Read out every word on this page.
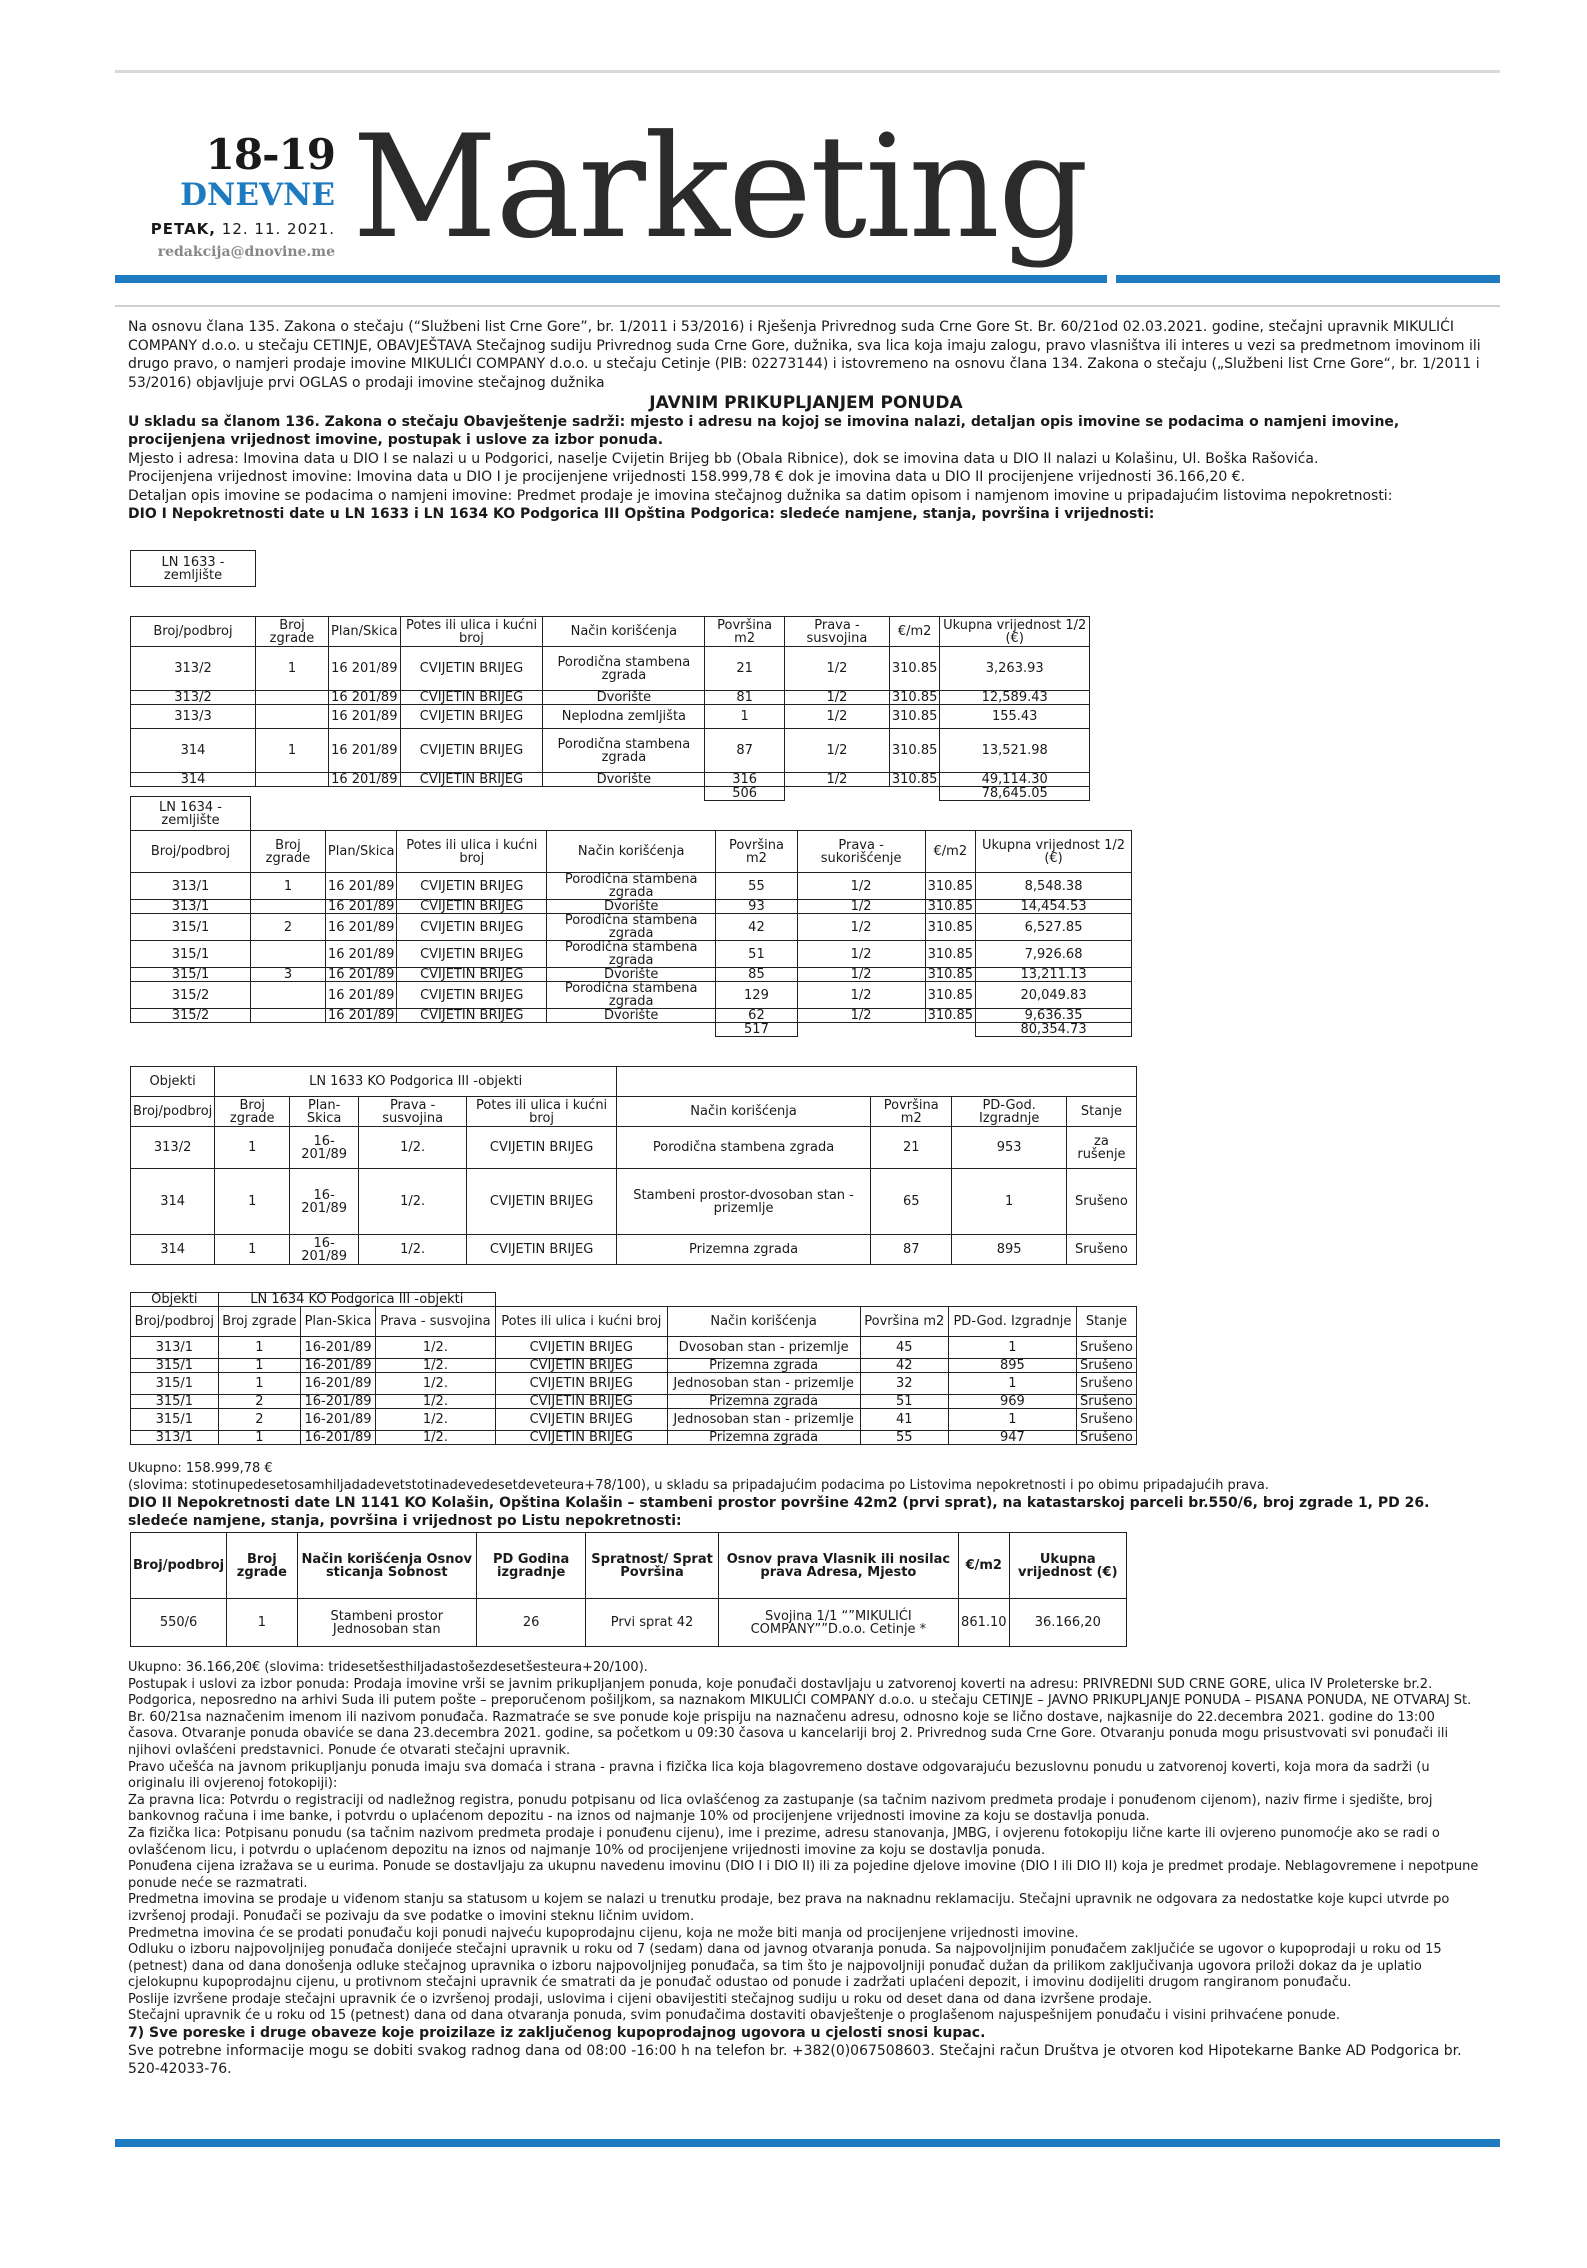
18-19
DNEVNE
PETAK, 12. 11. 2021.
redakcija@dnovine.me Marketing

Na osnovu člana 135. Zakona o stečaju (“Službeni list Crne Gore”, br. 1/2011 i 53/2016) i Rješenja Privrednog suda Crne Gore St. Br. 60/21od 02.03.2021. godine, stečajni upravnik MIKULIĆI COMPANY d.o.o. u stečaju CETINJE, OBAVJEŠTAVA Stečajnog sudiju Privrednog suda Crne Gore, dužnika, sva lica koja imaju zalogu, pravo vlasništva ili interes u vezi sa predmetnom imovinom ili drugo pravo, o namjeri prodaje imovine MIKULIĆI COMPANY d.o.o. u stečaju Cetinje (PIB: 02273144) i istovremeno na osnovu člana 134. Zakona o stečaju („Službeni list Crne Gore“, br. 1/2011 i 53/2016) objavljuje prvi OGLAS o prodaji imovine stečajnog dužnika

JAVNIM PRIKUPLJANJEM PONUDA

U skladu sa članom 136. Zakona o stečaju Obavještenje sadrži: mjesto i adresu na kojoj se imovina nalazi, detaljan opis imovine se podacima o namjeni imovine, procijenjena vrijednost imovine, postupak i uslove za izbor ponuda.

Mjesto i adresa: Imovina data u DIO I se nalazi u u Podgorici, naselje Cvijetin Brijeg bb (Obala Ribnice), dok se imovina data u DIO II nalazi u Kolašinu, Ul. Boška Rašovića.

Procijenjena vrijednost imovine: Imovina data u DIO I je procijenjene vrijednosti 158.999,78 € dok je imovina data u DIO II procijenjene vrijednosti 36.166,20 €.

Detaljan opis imovine se podacima o namjeni imovine: Predmet prodaje je imovina stečajnog dužnika sa datim opisom i namjenom imovine u pripadajućim listovima nepokretnosti:

DIO I Nepokretnosti date u LN 1633 i LN 1634 KO Podgorica III Opština Podgorica: sledeće namjene, stanja, površina i vrijednosti:

LN 1633 - zemljište								

Broj/podbroj	Broj zgrade	Plan/Skica	Potes ili ulica i kućni broj	Način korišćenja	Površina m2	Prava - susvojina	€/m2	Ukupna vrijednost 1/2 (€)
313/2	1	16 201/89	CVIJETIN BRIJEG	Porodična stambena zgrada	21	1/2	310.85	3,263.93
313/2		16 201/89	CVIJETIN BRIJEG	Dvorište	81	1/2	310.85	12,589.43
313/3		16 201/89	CVIJETIN BRIJEG	Neplodna zemljišta	1	1/2	310.85	155.43
314	1	16 201/89	CVIJETIN BRIJEG	Porodična stambena zgrada	87	1/2	310.85	13,521.98
314		16 201/89	CVIJETIN BRIJEG	Dvorište	316	1/2	310.85	49,114.30
					506			78,645.05
LN 1634 - zemljište								
Broj/podbroj	Broj zgrade	Plan/Skica	Potes ili ulica i kućni broj	Način korišćenja	Površina m2	Prava - sukorišćenje	€/m2	Ukupna vrijednost 1/2 (€)
313/1	1	16 201/89	CVIJETIN BRIJEG	Porodična stambena zgrada	55	1/2	310.85	8,548.38
313/1		16 201/89	CVIJETIN BRIJEG	Dvorište	93	1/2	310.85	14,454.53
315/1	2	16 201/89	CVIJETIN BRIJEG	Porodična stambena zgrada	42	1/2	310.85	6,527.85
315/1		16 201/89	CVIJETIN BRIJEG	Porodična stambena zgrada	51	1/2	310.85	7,926.68
315/1	3	16 201/89	CVIJETIN BRIJEG	Dvorište	85	1/2	310.85	13,211.13
315/2		16 201/89	CVIJETIN BRIJEG	Porodična stambena zgrada	129	1/2	310.85	20,049.83
315/2		16 201/89	CVIJETIN BRIJEG	Dvorište	62	1/2	310.85	9,636.35
					517			80,354.73
Objekti	LN 1633 KO Podgorica III -objekti							
Broj/podbroj	Broj zgrade	Plan-Skica	Prava - susvojina	Potes ili ulica i kućni broj	Način korišćenja	Površina m2	PD-God. Izgradnje	Stanje
313/2	1	16-201/89	1/2.	CVIJETIN BRIJEG	Porodična stambena zgrada	21	953	za rušenje
314	1	16-201/89	1/2.	CVIJETIN BRIJEG	Stambeni prostor-dvosoban stan -prizemlje	65	1	Srušeno
314	1	16-201/89	1/2.	CVIJETIN BRIJEG	Prizemna zgrada	87	895	Srušeno
Objekti	LN 1634 KO Podgorica III -objekti							
Broj/podbroj	Broj zgrade	Plan-Skica	Prava - susvojina	Potes ili ulica i kućni broj	Način korišćenja	Površina m2	PD-God. Izgradnje	Stanje
313/1	1	16-201/89	1/2.	CVIJETIN BRIJEG	Dvosoban stan - prizemlje	45	1	Srušeno
315/1	1	16-201/89	1/2.	CVIJETIN BRIJEG	Prizemna zgrada	42	895	Srušeno
315/1	1	16-201/89	1/2.	CVIJETIN BRIJEG	Jednosoban stan - prizemlje	32	1	Srušeno
315/1	2	16-201/89	1/2.	CVIJETIN BRIJEG	Prizemna zgrada	51	969	Srušeno
315/1	2	16-201/89	1/2.	CVIJETIN BRIJEG	Jednosoban stan - prizemlje	41	1	Srušeno
313/1	1	16-201/89	1/2.	CVIJETIN BRIJEG	Prizemna zgrada	55	947	Srušeno

Ukupno: 158.999,78 €

(slovima: stotinupedesetosamhiljadadevetstotinadevedesetdeveteura+78/100), u skladu sa pripadajućim podacima po Listovima nepokretnosti i po obimu pripadajućih prava.

DIO II Nepokretnosti date LN 1141 KO Kolašin, Opština Kolašin – stambeni prostor površine 42m2 (prvi sprat), na katastarskoj parceli br.550/6, broj zgrade 1, PD 26. sledeće namjene, stanja, površina i vrijednost po Listu nepokretnosti:

Broj/podbroj	Broj zgrade	Način korišćenja Osnov sticanja Sobnost	PD Godina izgradnje	Spratnost/ Sprat Površina	Osnov prava Vlasnik ili nosilac prava Adresa, Mjesto	€/m2	Ukupna vrijednost (€)
550/6	1	Stambeni prostor Jednosoban stan	26	Prvi sprat 42	Svojina 1/1 “”MIKULIĆI COMPANY””D.o.o. Cetinje *	861.10	36.166,20

Ukupno: 36.166,20€ (slovima: tridesetšesthiljadastošezdesetšesteura+20/100).

Postupak i uslovi za izbor ponuda: Prodaja imovine vrši se javnim prikupljanjem ponuda, koje ponuđači dostavljaju u zatvorenoj koverti na adresu: PRIVREDNI SUD CRNE GORE, ulica IV Proleterske br.2. Podgorica, neposredno na arhivi Suda ili putem pošte – preporučenom pošiljkom, sa naznakom MIKULIĆI COMPANY d.o.o. u stečaju CETINJE – JAVNO PRIKUPLJANJE PONUDA – PISANA PONUDA, NE OTVARAJ St. Br. 60/21sa naznačenim imenom ili nazivom ponuđača. Razmatraće se sve ponude koje prispiju na naznačenu adresu, odnosno koje se lično dostave, najkasnije do 22.decembra 2021. godine do 13:00 časova. Otvaranje ponuda obaviće se dana 23.decembra 2021. godine, sa početkom u 09:30 časova u kancelariji broj 2. Privrednog suda Crne Gore. Otvaranju ponuda mogu prisustvovati svi ponuđači ili njihovi ovlašćeni predstavnici. Ponude će otvarati stečajni upravnik.

Pravo učešća na javnom prikupljanju ponuda imaju sva domaća i strana - pravna i fizička lica koja blagovremeno dostave odgovarajuću bezuslovnu ponudu u zatvorenoj koverti, koja mora da sadrži (u originalu ili ovjerenoj fotokopiji):

Za pravna lica: Potvrdu o registraciji od nadležnog registra, ponudu potpisanu od lica ovlašćenog za zastupanje (sa tačnim nazivom predmeta prodaje i ponuđenom cijenom), naziv firme i sjedište, broj bankovnog računa i ime banke, i potvrdu o uplaćenom depozitu - na iznos od najmanje 10% od procijenjene vrijednosti imovine za koju se dostavlja ponuda.

Za fizička lica: Potpisanu ponudu (sa tačnim nazivom predmeta prodaje i ponuđenu cijenu), ime i prezime, adresu stanovanja, JMBG, i ovjerenu fotokopiju lične karte ili ovjereno punomoćje ako se radi o ovlašćenom licu, i potvrdu o uplaćenom depozitu na iznos od najmanje 10% od procijenjene vrijednosti imovine za koju se dostavlja ponuda.

Ponuđena cijena izražava se u eurima. Ponude se dostavljaju za ukupnu navedenu imovinu (DIO I i DIO II) ili za pojedine djelove imovine (DIO I ili DIO II) koja je predmet prodaje. Neblagovremene i nepotpune ponude neće se razmatrati.

Predmetna imovina se prodaje u viđenom stanju sa statusom u kojem se nalazi u trenutku prodaje, bez prava na naknadnu reklamaciju. Stečajni upravnik ne odgovara za nedostatke koje kupci utvrde po izvršenoj prodaji. Ponuđači se pozivaju da sve podatke o imovini steknu ličnim uvidom.

Predmetna imovina će se prodati ponuđaču koji ponudi najveću kupoprodajnu cijenu, koja ne može biti manja od procijenjene vrijednosti imovine.

Odluku o izboru najpovoljnijeg ponuđača donijeće stečajni upravnik u roku od 7 (sedam) dana od javnog otvaranja ponuda. Sa najpovoljnijim ponuđačem zaključiće se ugovor o kupoprodaji u roku od 15 (petnest) dana od dana donošenja odluke stečajnog upravnika o izboru najpovoljnijeg ponuđača, sa tim što je najpovoljniji ponuđač dužan da prilikom zaključivanja ugovora priloži dokaz da je uplatio cjelokupnu kupoprodajnu cijenu, u protivnom stečajni upravnik će smatrati da je ponuđač odustao od ponude i zadržati uplaćeni depozit, i imovinu dodijeliti drugom rangiranom ponuđaču.

Poslije izvršene prodaje stečajni upravnik će o izvršenoj prodaji, uslovima i cijeni obavijestiti stečajnog sudiju u roku od deset dana od dana izvršene prodaje.

Stečajni upravnik će u roku od 15 (petnest) dana od dana otvaranja ponuda, svim ponuđačima dostaviti obavještenje o proglašenom najuspešnijem ponuđaču i visini prihvaćene ponude.

7) Sve poreske i druge obaveze koje proizilaze iz zaključenog kupoprodajnog ugovora u cjelosti snosi kupac.

Sve potrebne informacije mogu se dobiti svakog radnog dana od 08:00 -16:00 h na telefon br. +382(0)067508603. Stečajni račun Društva je otvoren kod Hipotekarne Banke AD Podgorica br. 520-42033-76.
